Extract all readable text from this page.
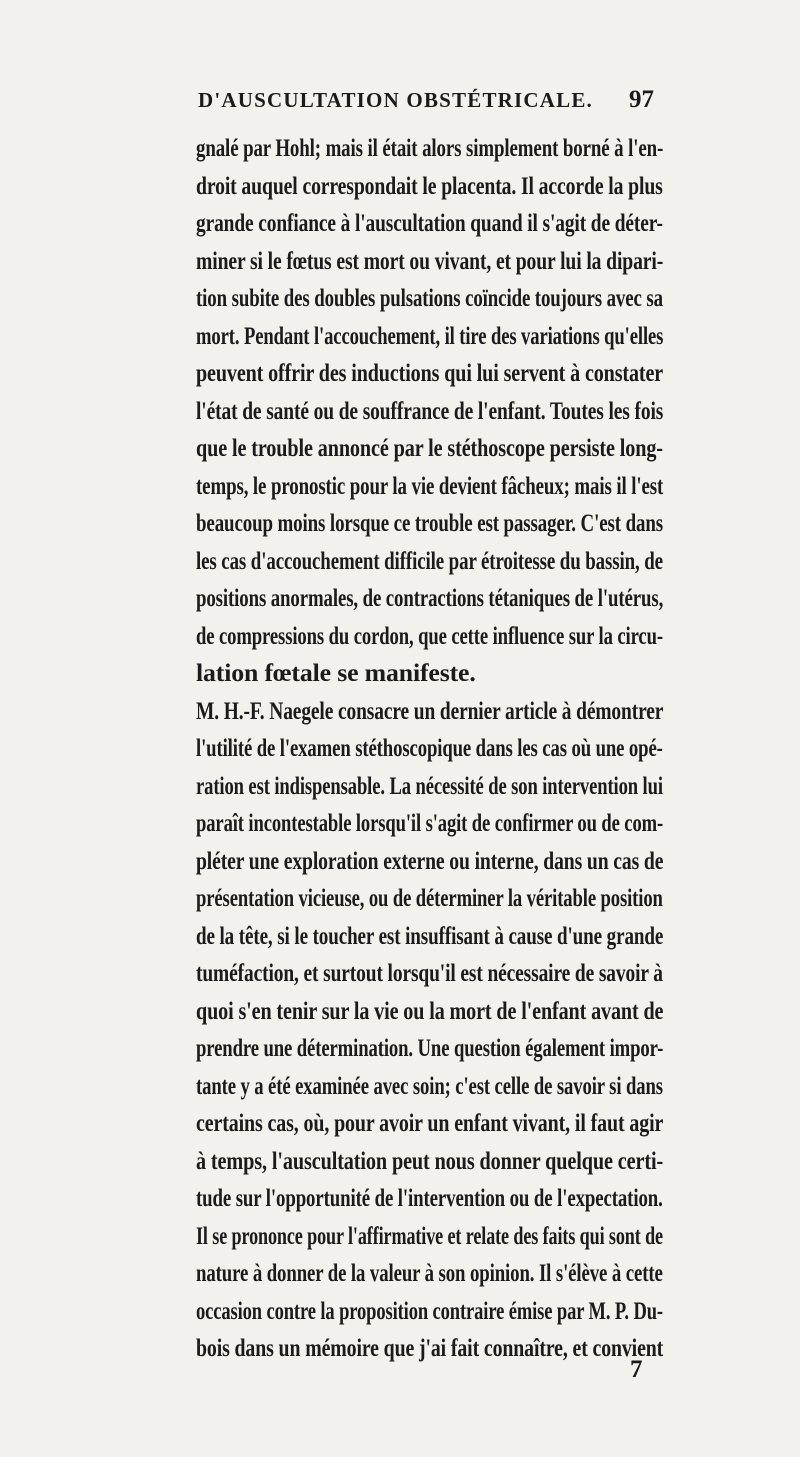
D'AUSCULTATION OBSTÉTRICALE. 97
gnalé par Hohl; mais il était alors simplement borné à l'en-
droit auquel correspondait le placenta. Il accorde la plus
grande confiance à l'auscultation quand il s'agit de déter-
miner si le fœtus est mort ou vivant, et pour lui la dipari-
tion subite des doubles pulsations coïncide toujours avec sa
mort. Pendant l'accouchement, il tire des variations qu'elles
peuvent offrir des inductions qui lui servent à constater
l'état de santé ou de souffrance de l'enfant. Toutes les fois
que le trouble annoncé par le stéthoscope persiste long-
temps, le pronostic pour la vie devient fâcheux; mais il l'est
beaucoup moins lorsque ce trouble est passager. C'est dans
les cas d'accouchement difficile par étroitesse du bassin, de
positions anormales, de contractions tétaniques de l'utérus,
de compressions du cordon, que cette influence sur la circu-
lation fœtale se manifeste.
M. H.-F. Naegele consacre un dernier article à démontrer
l'utilité de l'examen stéthoscopique dans les cas où une opé-
ration est indispensable. La nécessité de son intervention lui
paraît incontestable lorsqu'il s'agit de confirmer ou de com-
pléter une exploration externe ou interne, dans un cas de
présentation vicieuse, ou de déterminer la véritable position
de la tête, si le toucher est insuffisant à cause d'une grande
tuméfaction, et surtout lorsqu'il est nécessaire de savoir à
quoi s'en tenir sur la vie ou la mort de l'enfant avant de
prendre une détermination. Une question également impor-
tante y a été examinée avec soin; c'est celle de savoir si dans
certains cas, où, pour avoir un enfant vivant, il faut agir
à temps, l'auscultation peut nous donner quelque certi-
tude sur l'opportunité de l'intervention ou de l'expectation.
Il se prononce pour l'affirmative et relate des faits qui sont de
nature à donner de la valeur à son opinion. Il s'élève à cette
occasion contre la proposition contraire émise par M. P. Du-
bois dans un mémoire que j'ai fait connaître, et convient
7
